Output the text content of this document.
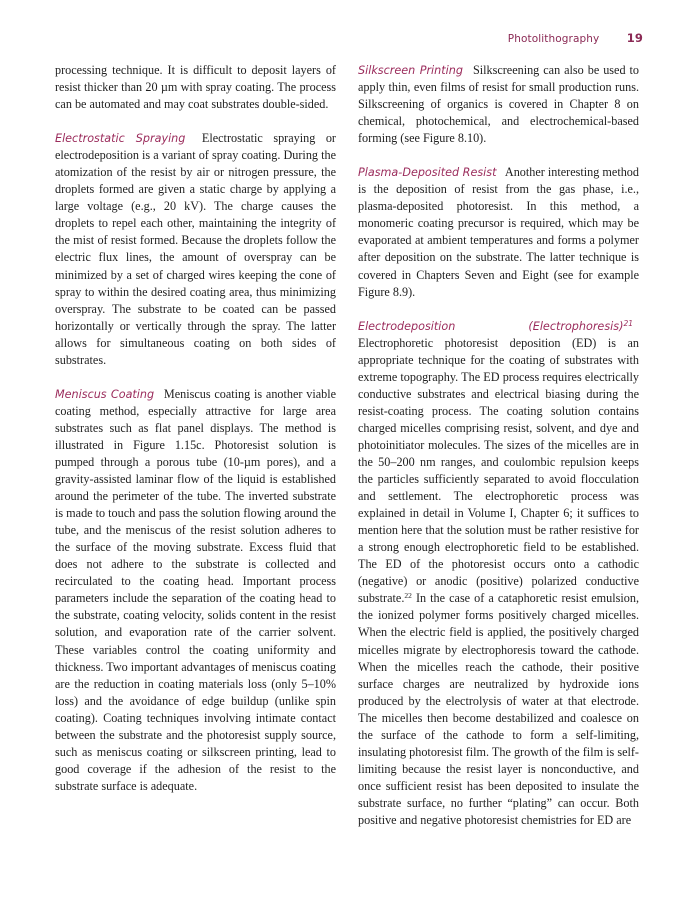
Photolithography 19

processing technique. It is difficult to deposit layers of resist thicker than 20 µm with spray coating. The process can be automated and may coat substrates double-sided.

Electrostatic Spraying Electrostatic spraying or electrodeposition is a variant of spray coating. During the atomization of the resist by air or nitrogen pressure, the droplets formed are given a static charge by applying a large voltage (e.g., 20 kV). The charge causes the droplets to repel each other, maintaining the integrity of the mist of resist formed. Because the droplets follow the electric flux lines, the amount of overspray can be minimized by a set of charged wires keeping the cone of spray to within the desired coating area, thus minimizing overspray. The substrate to be coated can be passed horizontally or vertically through the spray. The latter allows for simultaneous coating on both sides of substrates.

Meniscus Coating Meniscus coating is another viable coating method, especially attractive for large area substrates such as flat panel displays. The method is illustrated in Figure 1.15c. Photoresist solution is pumped through a porous tube (10-µm pores), and a gravity-assisted laminar flow of the liquid is established around the perimeter of the tube. The inverted substrate is made to touch and pass the solution flowing around the tube, and the meniscus of the resist solution adheres to the surface of the moving substrate. Excess fluid that does not adhere to the substrate is collected and recirculated to the coating head. Important process parameters include the separation of the coating head to the substrate, coating velocity, solids content in the resist solution, and evaporation rate of the carrier solvent. These variables control the coating uniformity and thickness. Two important advantages of meniscus coating are the reduction in coating materials loss (only 5–10% loss) and the avoidance of edge buildup (unlike spin coating). Coating techniques involving intimate contact between the substrate and the photoresist supply source, such as meniscus coating or silkscreen printing, lead to good coverage if the adhesion of the resist to the substrate surface is adequate.

Silkscreen Printing Silkscreening can also be used to apply thin, even films of resist for small production runs. Silkscreening of organics is covered in Chapter 8 on chemical, photochemical, and electrochemical-based forming (see Figure 8.10).

Plasma-Deposited Resist Another interesting method is the deposition of resist from the gas phase, i.e., plasma-deposited photoresist. In this method, a monomeric coating precursor is required, which may be evaporated at ambient temperatures and forms a polymer after deposition on the substrate. The latter technique is covered in Chapters Seven and Eight (see for example Figure 8.9).

Electrodeposition (Electrophoresis)$^{21}$ Electrophoretic photoresist deposition (ED) is an appropriate technique for the coating of substrates with extreme topography. The ED process requires electrically conductive substrates and electrical biasing during the resist-coating process. The coating solution contains charged micelles comprising resist, solvent, and dye and photoinitiator molecules. The sizes of the micelles are in the 50–200 nm ranges, and coulombic repulsion keeps the particles sufficiently separated to avoid flocculation and settlement. The electrophoretic process was explained in detail in Volume I, Chapter 6; it suffices to mention here that the solution must be rather resistive for a strong enough electrophoretic field to be established. The ED of the photoresist occurs onto a cathodic (negative) or anodic (positive) polarized conductive substrate.$^{22}$ In the case of a cataphoretic resist emulsion, the ionized polymer forms positively charged micelles. When the electric field is applied, the positively charged micelles migrate by electrophoresis toward the cathode. When the micelles reach the cathode, their positive surface charges are neutralized by hydroxide ions produced by the electrolysis of water at that electrode. The micelles then become destabilized and coalesce on the surface of the cathode to form a self-limiting, insulating photoresist film. The growth of the film is self-limiting because the resist layer is nonconductive, and once sufficient resist has been deposited to insulate the substrate surface, no further “plating” can occur. Both positive and negative photoresist chemistries for ED are
